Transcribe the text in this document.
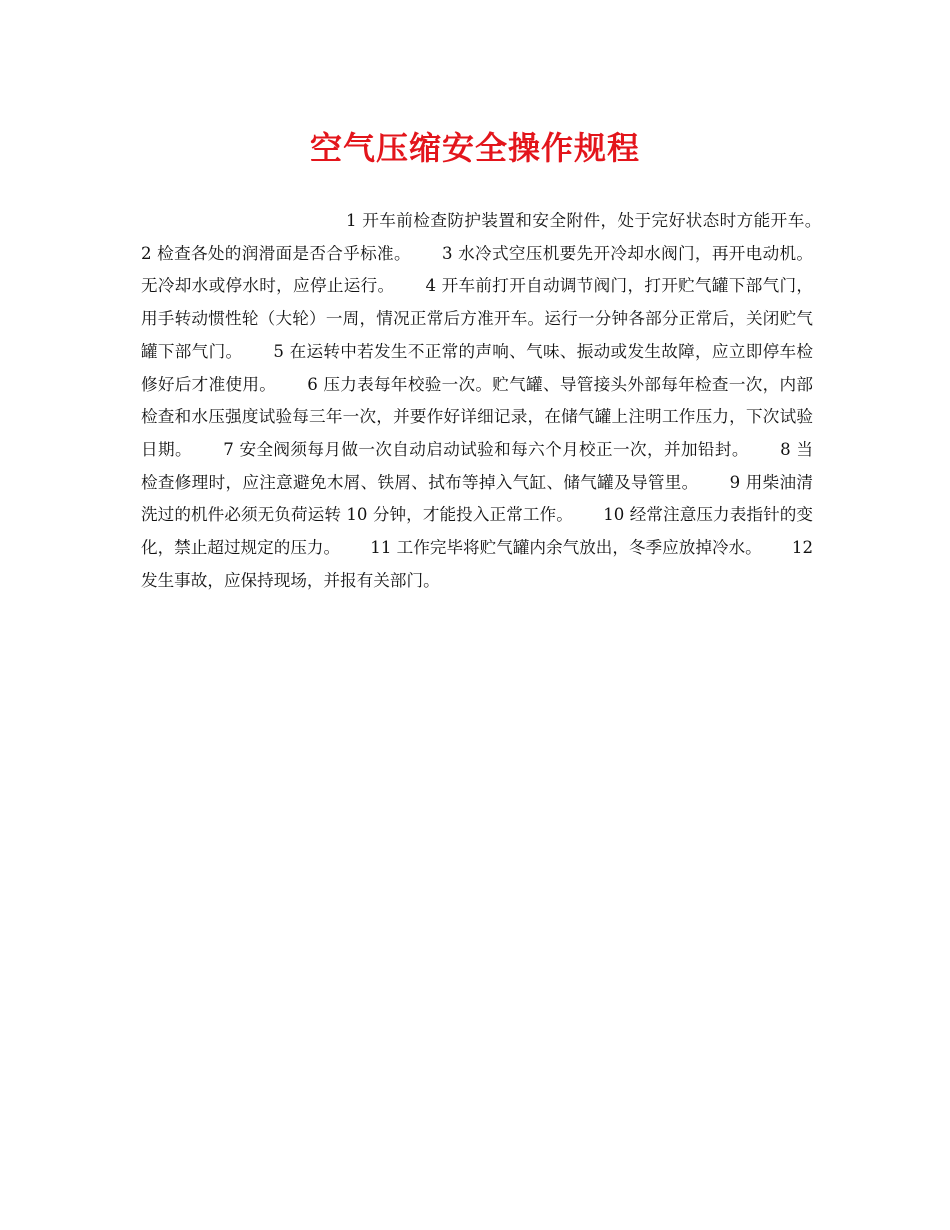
空气压缩安全操作规程

1 开车前检查防护装置和安全附件，处于完好状态时方能开车。　　 2 检查各处的润滑面是否合乎标准。　　 3 水冷式空压机要先开冷却水阀门，再开电动机。无冷却水或停水时，应停止运行。　　 4 开车前打开自动调节阀门，打开贮气罐下部气门，用手转动惯性轮（大轮）一周，情况正常后方准开车。运行一分钟各部分正常后，关闭贮气罐下部气门。　　 5 在运转中若发生不正常的声响、气味、振动或发生故障，应立即停车检修好后才准使用。　　 6 压力表每年校验一次。贮气罐、导管接头外部每年检查一次，内部检查和水压强度试验每三年一次，并要作好详细记录，在储气罐上注明工作压力，下次试验日期。　　 7 安全阀须每月做一次自动启动试验和每六个月校正一次，并加铅封。　　 8 当检查修理时，应注意避免木屑、铁屑、拭布等掉入气缸、储气罐及导管里。　　 9 用柴油清洗过的机件必须无负荷运转 10 分钟，才能投入正常工作。　　 10 经常注意压力表指针的变化，禁止超过规定的压力。　　 11 工作完毕将贮气罐内余气放出，冬季应放掉冷水。　　 12 发生事故，应保持现场，并报有关部门。
